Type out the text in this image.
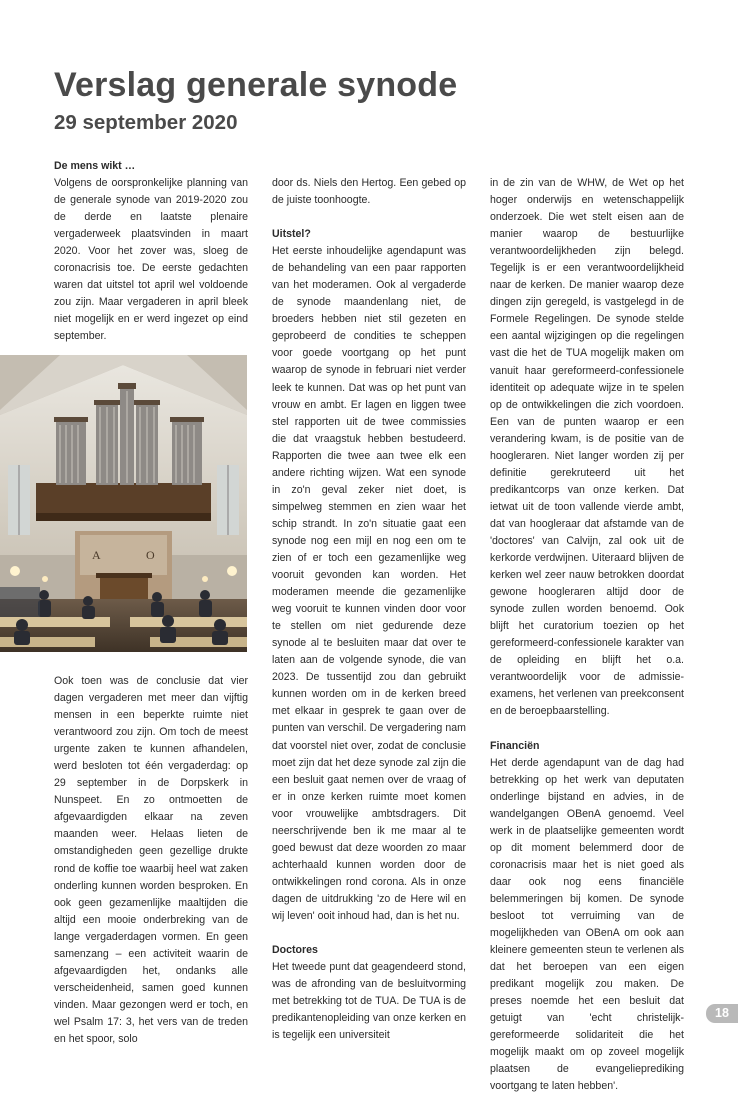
Verslag generale synode
29 september 2020

De mens wikt …

Volgens de oorspronkelijke planning van de generale synode van 2019-2020 zou de derde en laatste plenaire vergaderweek plaatsvinden in maart 2020. Voor het zover was, sloeg de coronacrisis toe. De eerste gedachten waren dat uitstel tot april wel voldoende zou zijn. Maar vergaderen in april bleek niet mogelijk en er werd ingezet op eind september.

A	O

Ook toen was de conclusie dat vier dagen vergaderen met meer dan vijftig mensen in een beperkte ruimte niet verantwoord zou zijn. Om toch de meest urgente zaken te kunnen afhandelen, werd besloten tot één vergaderdag: op 29 september in de Dorpskerk in Nunspeet. En zo ontmoetten de afgevaardigden elkaar na zeven maanden weer. Helaas lieten de omstandigheden geen gezellige drukte rond de koffie toe waarbij heel wat zaken onderling kunnen worden besproken. En ook geen gezamenlijke maaltijden die altijd een mooie onderbreking van de lange vergaderdagen vormen. En geen samenzang – een activiteit waarin de afgevaardigden het, ondanks alle verscheidenheid, samen goed kunnen vinden. Maar gezongen werd er toch, en wel Psalm 17: 3, het vers van de treden en het spoor, solo

door ds. Niels den Hertog. Een gebed op de juiste toonhoogte.

Uitstel?

Het eerste inhoudelijke agendapunt was de behandeling van een paar rapporten van het moderamen. Ook al vergaderde de synode maandenlang niet, de broeders hebben niet stil gezeten en geprobeerd de condities te scheppen voor goede voortgang op het punt waarop de synode in februari niet verder leek te kunnen. Dat was op het punt van vrouw en ambt. Er lagen en liggen twee stel rapporten uit de twee commissies die dat vraagstuk hebben bestudeerd. Rapporten die twee aan twee elk een andere richting wijzen. Wat een synode in zo'n geval zeker niet doet, is simpelweg stemmen en zien waar het schip strandt. In zo'n situatie gaat een synode nog een mijl en nog een om te zien of er toch een gezamenlijke weg vooruit gevonden kan worden. Het moderamen meende die gezamenlijke weg vooruit te kunnen vinden door voor te stellen om niet gedurende deze synode al te besluiten maar dat over te laten aan de volgende synode, die van 2023. De tussentijd zou dan gebruikt kunnen worden om in de kerken breed met elkaar in gesprek te gaan over de punten van verschil. De vergadering nam dat voorstel niet over, zodat de conclusie moet zijn dat het deze synode zal zijn die een besluit gaat nemen over de vraag of er in onze kerken ruimte moet komen voor vrouwelijke ambtsdragers. Dit neerschrijvende ben ik me maar al te goed bewust dat deze woorden zo maar achterhaald kunnen worden door de ontwikkelingen rond corona. Als in onze dagen de uitdrukking 'zo de Here wil en wij leven' ooit inhoud had, dan is het nu.

Doctores

Het tweede punt dat geagendeerd stond, was de afronding van de besluitvorming met betrekking tot de TUA. De TUA is de predikantenopleiding van onze kerken en is tegelijk een universiteit

in de zin van de WHW, de Wet op het hoger onderwijs en wetenschappelijk onderzoek. Die wet stelt eisen aan de manier waarop de bestuurlijke verantwoordelijkheden zijn belegd. Tegelijk is er een verantwoordelijkheid naar de kerken. De manier waarop deze dingen zijn geregeld, is vastgelegd in de Formele Regelingen. De synode stelde een aantal wijzigingen op die regelingen vast die het de TUA mogelijk maken om vanuit haar gereformeerd-confessionele identiteit op adequate wijze in te spelen op de ontwikkelingen die zich voordoen. Een van de punten waarop er een verandering kwam, is de positie van de hoogleraren. Niet langer worden zij per definitie gerekruteerd uit het predikantcorps van onze kerken. Dat ietwat uit de toon vallende vierde ambt, dat van hoogleraar dat afstamde van de 'doctores' van Calvijn, zal ook uit de kerkorde verdwijnen. Uiteraard blijven de kerken wel zeer nauw betrokken doordat gewone hoogleraren altijd door de synode zullen worden benoemd. Ook blijft het curatorium toezien op het gereformeerd-confessionele karakter van de opleiding en blijft het o.a. verantwoordelijk voor de admissie-examens, het verlenen van preekconsent en de beroepbaarstelling.

Financiën

Het derde agendapunt van de dag had betrekking op het werk van deputaten onderlinge bijstand en advies, in de wandelgangen OBenA genoemd. Veel werk in de plaatselijke gemeenten wordt op dit moment belemmerd door de coronacrisis maar het is niet goed als daar ook nog eens financiële belemmeringen bij komen. De synode besloot tot verruiming van de mogelijkheden van OBenA om ook aan kleinere gemeenten steun te verlenen als dat het beroepen van een eigen predikant mogelijk zou maken. De preses noemde het een besluit dat getuigt van 'echt christelijk-gereformeerde solidariteit die het mogelijk maakt om op zoveel mogelijk plaatsen de evangelieprediking voortgang te laten hebben'.

18
